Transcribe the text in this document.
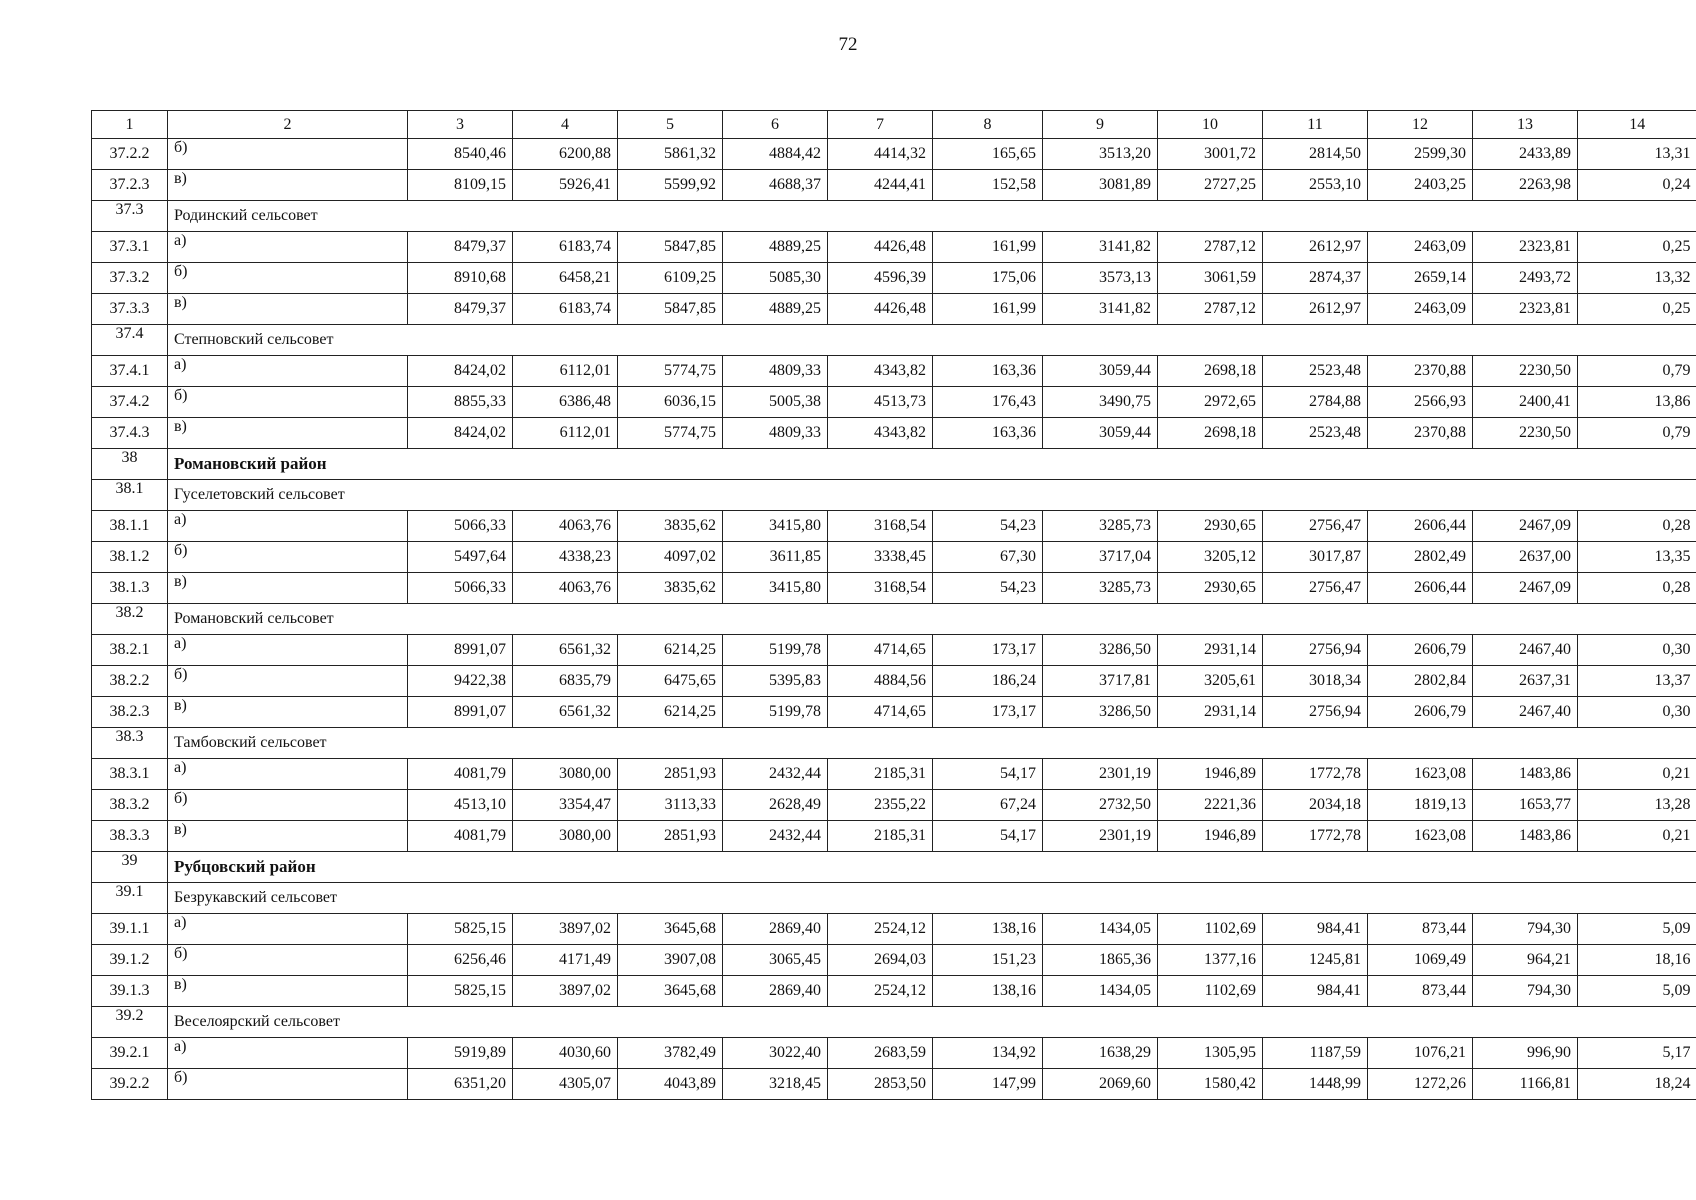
72
1	2	3	4	5	6	7	8	9	10	11	12	13	14
37.2.2	б)	8540,46	6200,88	5861,32	4884,42	4414,32	165,65	3513,20	3001,72	2814,50	2599,30	2433,89	13,31
37.2.3	в)	8109,15	5926,41	5599,92	4688,37	4244,41	152,58	3081,89	2727,25	2553,10	2403,25	2263,98	0,24
37.3	Родинский сельсовет												
37.3.1	а)	8479,37	6183,74	5847,85	4889,25	4426,48	161,99	3141,82	2787,12	2612,97	2463,09	2323,81	0,25
37.3.2	б)	8910,68	6458,21	6109,25	5085,30	4596,39	175,06	3573,13	3061,59	2874,37	2659,14	2493,72	13,32
37.3.3	в)	8479,37	6183,74	5847,85	4889,25	4426,48	161,99	3141,82	2787,12	2612,97	2463,09	2323,81	0,25
37.4	Степновский сельсовет												
37.4.1	а)	8424,02	6112,01	5774,75	4809,33	4343,82	163,36	3059,44	2698,18	2523,48	2370,88	2230,50	0,79
37.4.2	б)	8855,33	6386,48	6036,15	5005,38	4513,73	176,43	3490,75	2972,65	2784,88	2566,93	2400,41	13,86
37.4.3	в)	8424,02	6112,01	5774,75	4809,33	4343,82	163,36	3059,44	2698,18	2523,48	2370,88	2230,50	0,79
38	Романовский район												
38.1	Гуселетовский сельсовет												
38.1.1	а)	5066,33	4063,76	3835,62	3415,80	3168,54	54,23	3285,73	2930,65	2756,47	2606,44	2467,09	0,28
38.1.2	б)	5497,64	4338,23	4097,02	3611,85	3338,45	67,30	3717,04	3205,12	3017,87	2802,49	2637,00	13,35
38.1.3	в)	5066,33	4063,76	3835,62	3415,80	3168,54	54,23	3285,73	2930,65	2756,47	2606,44	2467,09	0,28
38.2	Романовский сельсовет												
38.2.1	а)	8991,07	6561,32	6214,25	5199,78	4714,65	173,17	3286,50	2931,14	2756,94	2606,79	2467,40	0,30
38.2.2	б)	9422,38	6835,79	6475,65	5395,83	4884,56	186,24	3717,81	3205,61	3018,34	2802,84	2637,31	13,37
38.2.3	в)	8991,07	6561,32	6214,25	5199,78	4714,65	173,17	3286,50	2931,14	2756,94	2606,79	2467,40	0,30
38.3	Тамбовский сельсовет												
38.3.1	а)	4081,79	3080,00	2851,93	2432,44	2185,31	54,17	2301,19	1946,89	1772,78	1623,08	1483,86	0,21
38.3.2	б)	4513,10	3354,47	3113,33	2628,49	2355,22	67,24	2732,50	2221,36	2034,18	1819,13	1653,77	13,28
38.3.3	в)	4081,79	3080,00	2851,93	2432,44	2185,31	54,17	2301,19	1946,89	1772,78	1623,08	1483,86	0,21
39	Рубцовский район												
39.1	Безрукавский сельсовет												
39.1.1	а)	5825,15	3897,02	3645,68	2869,40	2524,12	138,16	1434,05	1102,69	984,41	873,44	794,30	5,09
39.1.2	б)	6256,46	4171,49	3907,08	3065,45	2694,03	151,23	1865,36	1377,16	1245,81	1069,49	964,21	18,16
39.1.3	в)	5825,15	3897,02	3645,68	2869,40	2524,12	138,16	1434,05	1102,69	984,41	873,44	794,30	5,09
39.2	Веселоярский сельсовет												
39.2.1	а)	5919,89	4030,60	3782,49	3022,40	2683,59	134,92	1638,29	1305,95	1187,59	1076,21	996,90	5,17
39.2.2	б)	6351,20	4305,07	4043,89	3218,45	2853,50	147,99	2069,60	1580,42	1448,99	1272,26	1166,81	18,24
